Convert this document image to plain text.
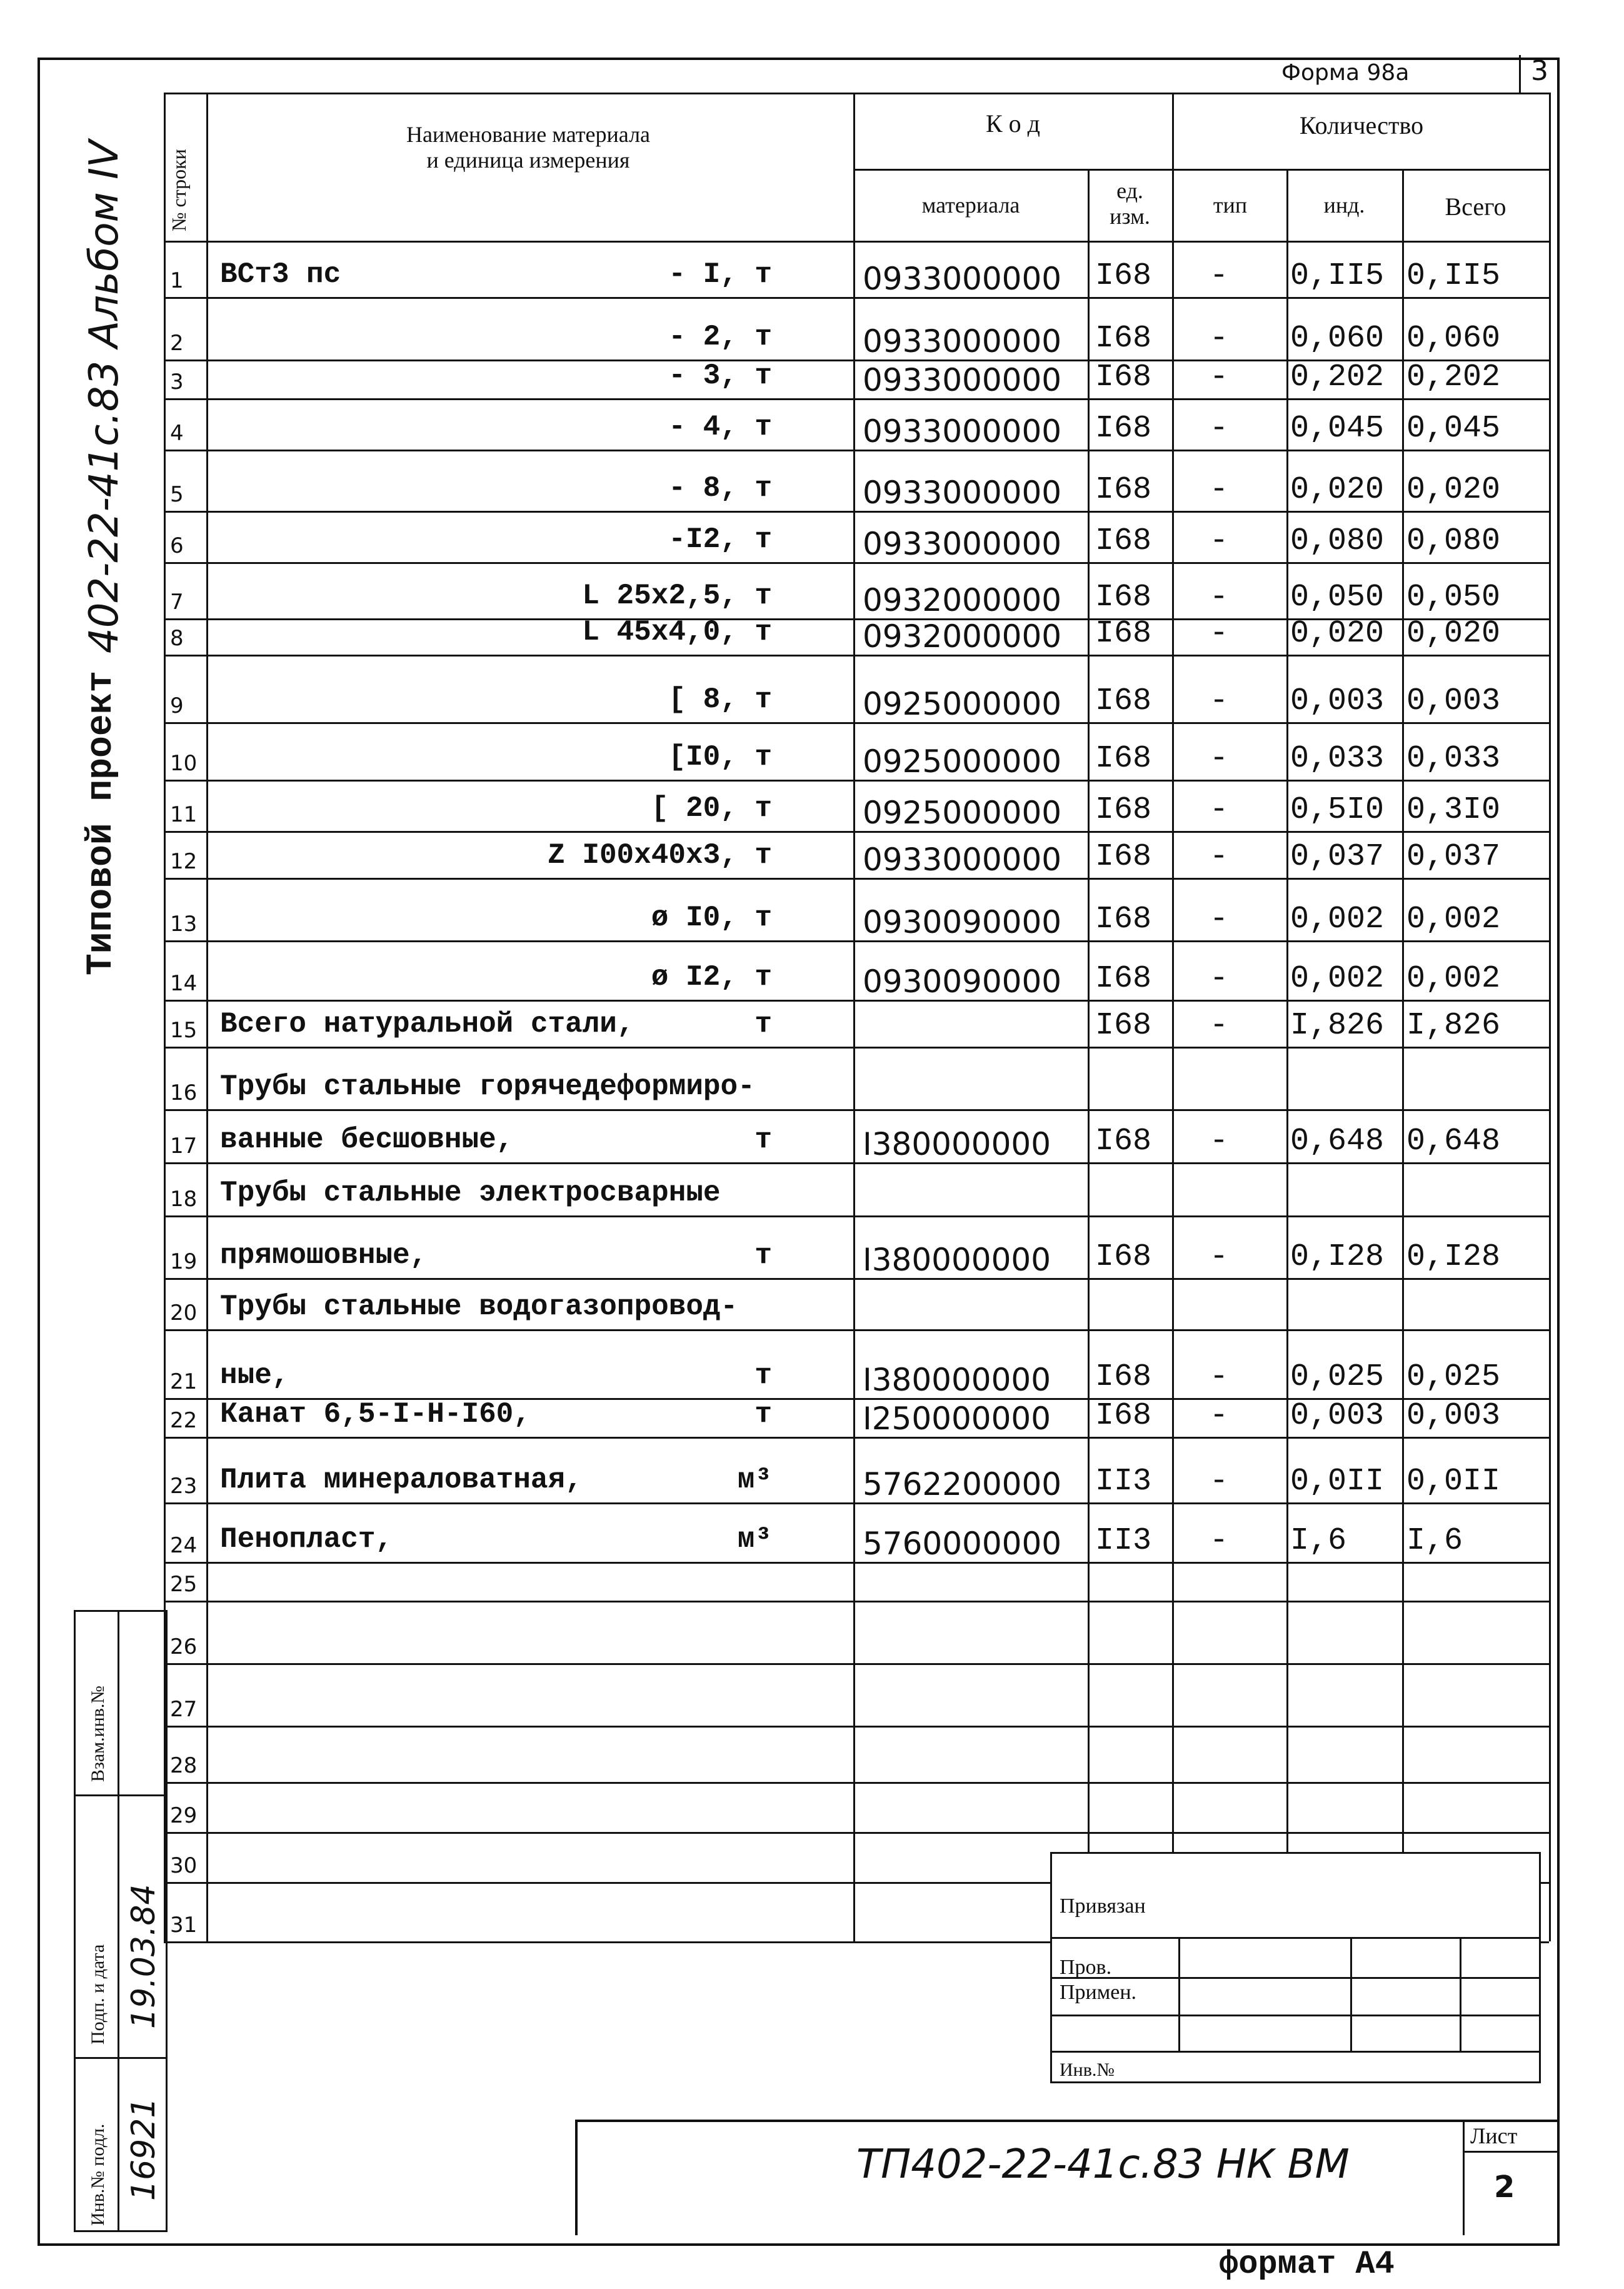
Форма 98а	3
Типовой проект
402-22-41с.83 Альбом IV № строки
Наименование материала
и единица измерения
К о д	Количество
материала
ед.
изм.	тип	инд.	Всего
1	ВСт3 пс	- I, т	0933000000 I68 - 0,II5 0,II5
2	- 2, т	0933000000 I68 - 0,060 0,060
3	- 3, т	0933000000 I68 - 0,202 0,202
4	- 4, т	0933000000 I68 - 0,045 0,045
5	- 8, т	0933000000 I68 - 0,020 0,020
6	-I2, т	0933000000 I68 - 0,080 0,080
7	L 25x2,5, т	0932000000 I68 - 0,050 0,050
8	L 45x4,0, т	0932000000 I68 - 0,020 0,020
9	[ 8, т	0925000000 I68 - 0,003 0,003
10	[I0, т	0925000000 I68 - 0,033 0,033
11	[ 20, т	0925000000 I68 - 0,5I0 0,3I0
12	Z I00x40x3, т	0933000000 I68 - 0,037 0,037
13	ø I0, т	0930090000 I68 - 0,002 0,002
14	ø I2, т	0930090000 I68 - 0,002 0,002
15 Всего натуральной стали,	т	I68 - I,826 I,826
16 Трубы стальные горячедеформиро-
17 ванные бесшовные,	т	I380000000 I68 - 0,648 0,648
18 Трубы стальные электросварные
19 прямошовные,	т	I380000000 I68 - 0,I28 0,I28
20 Трубы стальные водогазопровод-
21 ные,	т	I380000000 I68 - 0,025 0,025
22 Канат 6,5-I-Н-I60,	т	I250000000 I68 - 0,003 0,003
23 Плита минераловатная,	м³	5762200000 II3 - 0,0II 0,0II
24 Пенопласт,	м³	5760000000 II3 - I,6 I,6
25
26
27
28
29
30
31
Взам.инв.№
Подп. и дата
Инв.№ подл.
19.03.84
16921
Привязан
Пров.
Примен.
Инв.№
ТП402-22-41с.83 НК ВМ
Лист
2
формат А4
